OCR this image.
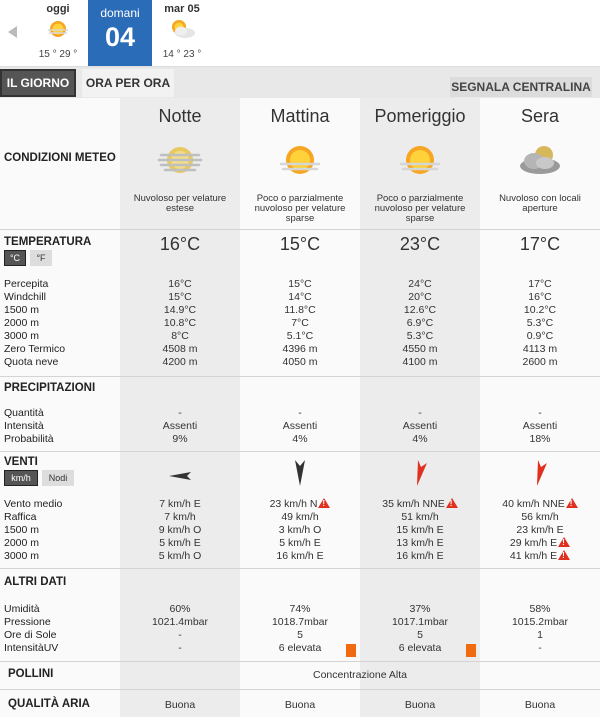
oggi
15 ° 29 °
domani
04
mar 05
14 ° 23 °
IL GIORNO	ORA PER ORA	SEGNALA CENTRALINA
Notte	Mattina	Pomeriggio	Sera
CONDIZIONI METEO
Nuvoloso per velature estese
Poco o parzialmente nuvoloso per velature sparse
Poco o parzialmente nuvoloso per velature sparse
Nuvoloso con locali aperture
TEMPERATURA
°C	°F
16°C	15°C	23°C	17°C
Percepita	16°C	15°C	24°C	17°C
Windchill	15°C	14°C	20°C	16°C
1500 m	14.9°C	11.8°C	12.6°C	10.2°C
2000 m	10.8°C	7°C	6.9°C	5.3°C
3000 m	8°C	5.1°C	5.3°C	0.9°C
Zero Termico	4508 m	4396 m	4550 m	4113 m
Quota neve	4200 m	4050 m	4100 m	2600 m
PRECIPITAZIONI
Quantità	-	-	-	-
Intensità	Assenti	Assenti	Assenti	Assenti
Probabilità	9%	4%	4%	18%
VENTI
km/h	Nodi
Vento medio	7 km/h E	23 km/h N !	35 km/h NNE !	40 km/h NNE!
Raffica	7 km/h	49 km/h	51 km/h	56 km/h
1500 m	9 km/h O	3 km/h O	15 km/h E	23 km/h E
2000 m	5 km/h E	5 km/h E	13 km/h E	29 km/h E!
3000 m	5 km/h O	16 km/h E	16 km/h E	41 km/h E!
ALTRI DATI
Umidità	60%	74%	37%	58%
Pressione	1021.4mbar	1018.7mbar	1017.1mbar	1015.2mbar
Ore di Sole	-	5	5	1
IntensitàUV	-	6 elevata	6 elevata	-
POLLINI	Concentrazione Alta
QUALITÀ ARIA	Buona	Buona	Buona	Buona
